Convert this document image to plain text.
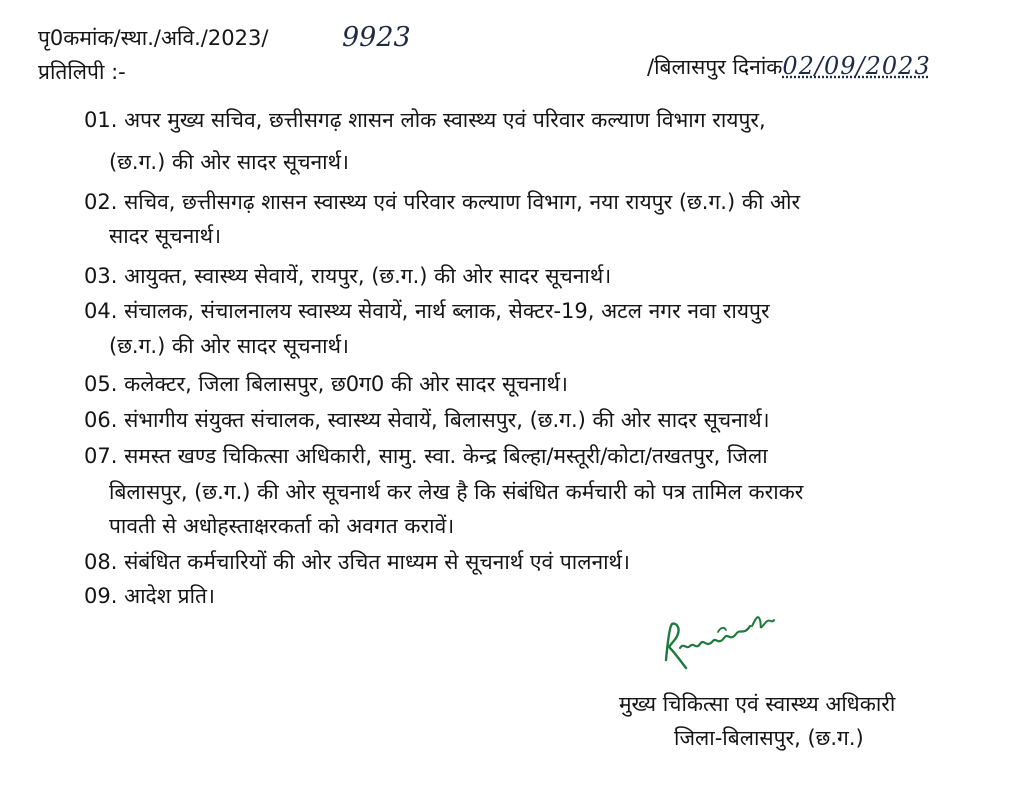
पृ0कमांक/स्था./अवि./2023/	9923
प्रतिलिपी :-	/बिलासपुर दिनांक02/09/2023
01. अपर मुख्य सचिव, छत्तीसगढ़ शासन लोक स्वास्थ्य एवं परिवार कल्याण विभाग रायपुर,
(छ.ग.) की ओर सादर सूचनार्थ।
02. सचिव, छत्तीसगढ़ शासन स्वास्थ्य एवं परिवार कल्याण विभाग, नया रायपुर (छ.ग.) की ओर
सादर सूचनार्थ।
03. आयुक्त, स्वास्थ्य सेवायें, रायपुर, (छ.ग.) की ओर सादर सूचनार्थ।
04. संचालक, संचालनालय स्वास्थ्य सेवायें, नार्थ ब्लाक, सेक्टर-19, अटल नगर नवा रायपुर
(छ.ग.) की ओर सादर सूचनार्थ।
05. कलेक्टर, जिला बिलासपुर, छ0ग0 की ओर सादर सूचनार्थ।
06. संभागीय संयुक्त संचालक, स्वास्थ्य सेवायें, बिलासपुर, (छ.ग.) की ओर सादर सूचनार्थ।
07. समस्त खण्ड चिकित्सा अधिकारी, सामु. स्वा. केन्द्र बिल्हा/मस्तूरी/कोटा/तखतपुर, जिला
बिलासपुर, (छ.ग.) की ओर सूचनार्थ कर लेख है कि संबंधित कर्मचारी को पत्र तामिल कराकर
पावती से अधोहस्ताक्षरकर्ता को अवगत करावें।
08. संबंधित कर्मचारियों की ओर उचित माध्यम से सूचनार्थ एवं पालनार्थ।
09. आदेश प्रति।
मुख्य चिकित्सा एवं स्वास्थ्य अधिकारी
जिला-बिलासपुर, (छ.ग.)
